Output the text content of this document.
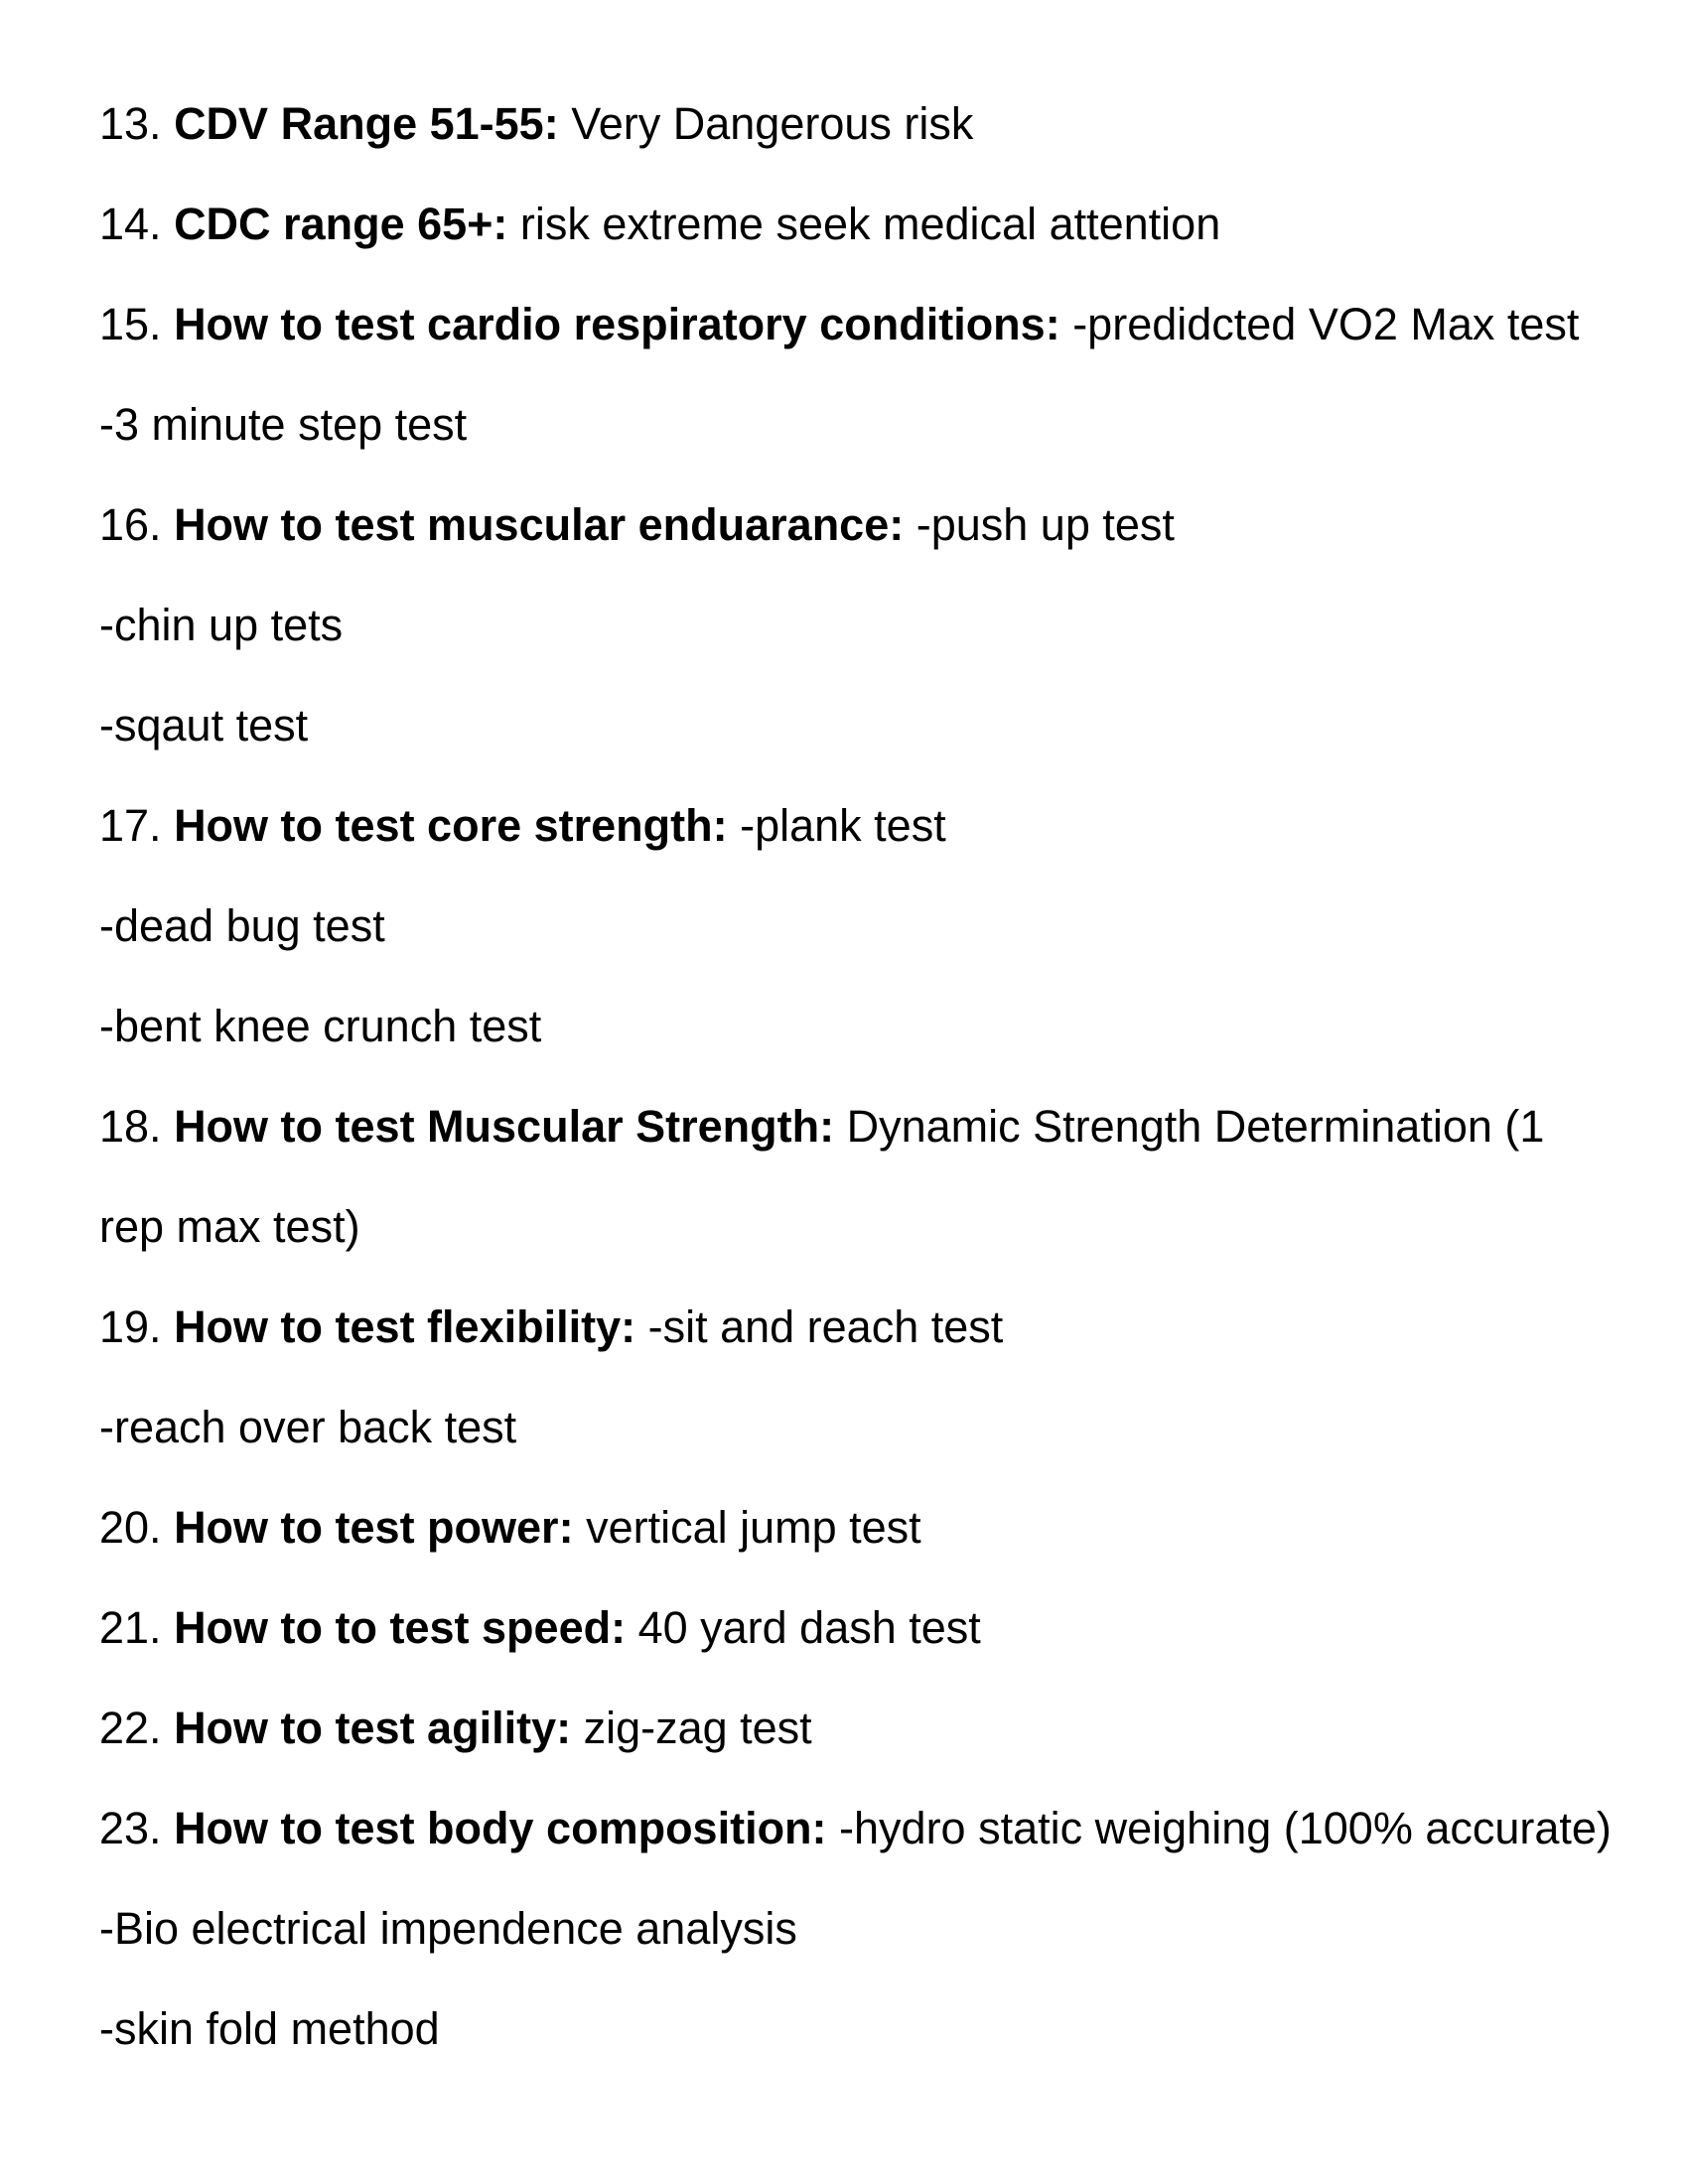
13. CDV Range 51-55: Very Dangerous risk
14. CDC range 65+: risk extreme seek medical attention
15. How to test cardio respiratory conditions: -predidcted VO2 Max test
-3 minute step test
16. How to test muscular enduarance: -push up test
-chin up tets
-sqaut test
17. How to test core strength: -plank test
-dead bug test
-bent knee crunch test
18. How to test Muscular Strength: Dynamic Strength Determination (1
rep max test)
19. How to test flexibility: -sit and reach test
-reach over back test
20. How to test power: vertical jump test
21. How to to test speed: 40 yard dash test
22. How to test agility: zig-zag test
23. How to test body composition: -hydro static weighing (100% accurate)
-Bio electrical impendence analysis
-skin fold method
